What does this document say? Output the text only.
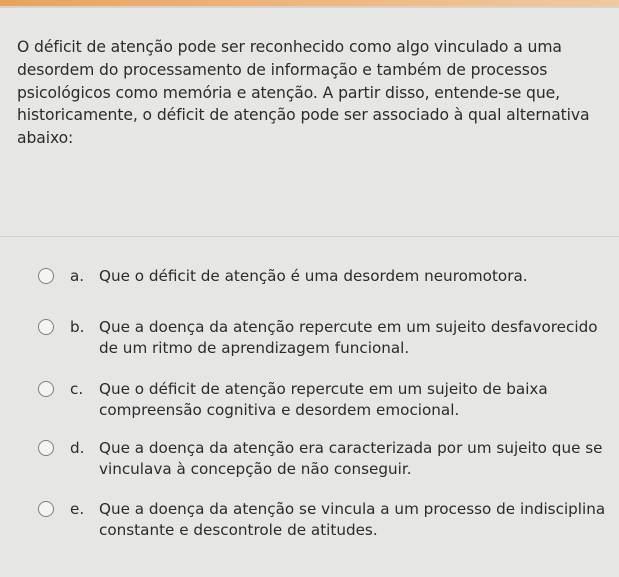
O déficit de atenção pode ser reconhecido como algo vinculado a uma desordem do processamento de informação e também de processos psicológicos como memória e atenção. A partir disso, entende-se que, historicamente, o déficit de atenção pode ser associado à qual alternativa abaixo:
a. Que o déficit de atenção é uma desordem neuromotora.
b. Que a doença da atenção repercute em um sujeito desfavorecido de um ritmo de aprendizagem funcional.
c. Que o déficit de atenção repercute em um sujeito de baixa compreensão cognitiva e desordem emocional.
d. Que a doença da atenção era caracterizada por um sujeito que se vinculava à concepção de não conseguir.
e. Que a doença da atenção se vincula a um processo de indisciplina constante e descontrole de atitudes.
